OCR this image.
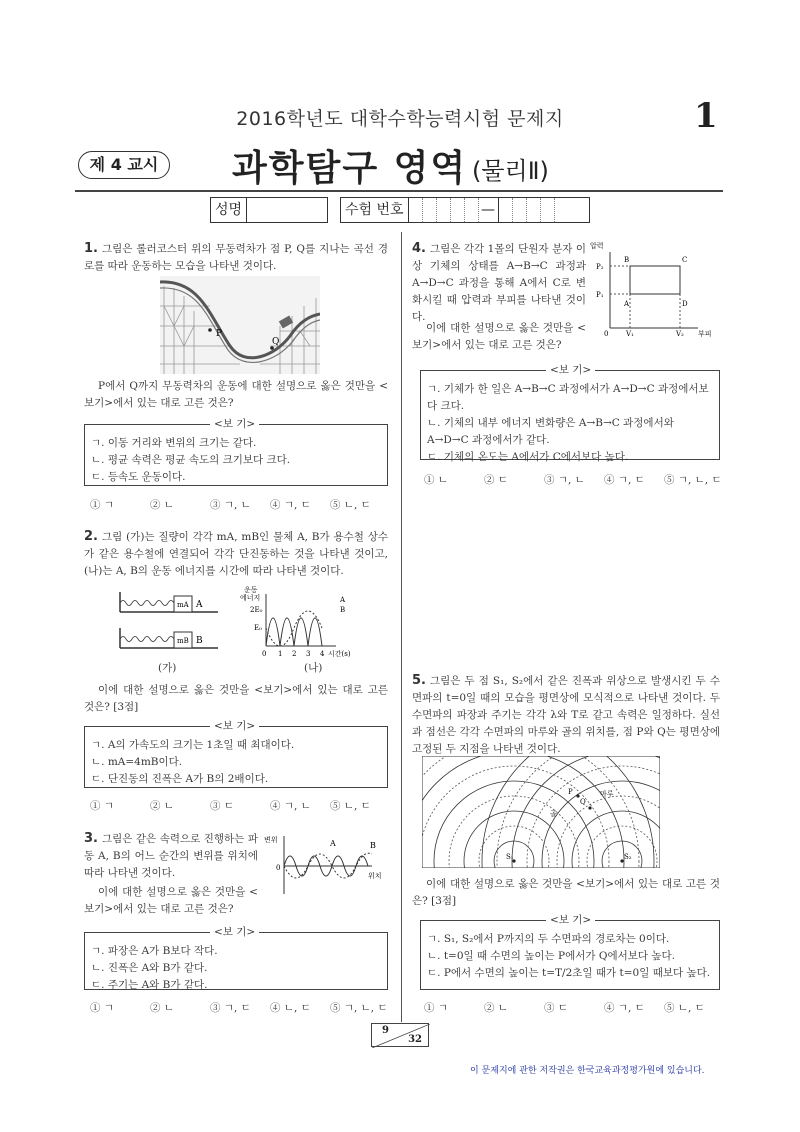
2016학년도 대학수학능력시험 문제지	1
제 4 교시	과학탐구 영역 (물리Ⅱ)
성명	수험 번호	—
1. 그림은 롤러코스터 위의 무동력차가 점 P, Q를 지나는 곡선 경로를 따라 운동하는 모습을 나타낸 것이다.
P
Q
P에서 Q까지 무동력차의 운동에 대한 설명으로 옳은 것만을 <보기>에서 있는 대로 고른 것은?
ㄱ. 이동 거리와 변위의 크기는 같다.
ㄴ. 평균 속력은 평균 속도의 크기보다 크다.
ㄷ. 등속도 운동이다.
<보 기>
① ㄱ	② ㄴ	③ ㄱ, ㄴ	④ ㄱ, ㄷ	⑤ ㄴ, ㄷ
2. 그림 (가)는 질량이 각각 mA, mB인 물체 A, B가 용수철 상수가 같은 용수철에 연결되어 각각 단진동하는 것을 나타낸 것이고, (나)는 A, B의 운동 에너지를 시간에 따라 나타낸 것이다.
mA A
mB B
(가)
운동
에너지
2E₀
E₀
A
B
0 1 2 3 4 시간(s)
(나)
이에 대한 설명으로 옳은 것만을 <보기>에서 있는 대로 고른 것은? [3점]
ㄱ. A의 가속도의 크기는 1초일 때 최대이다.
ㄴ. mA=4mB이다.
ㄷ. 단진동의 진폭은 A가 B의 2배이다.
<보 기>
① ㄱ	② ㄴ	③ ㄷ	④ ㄱ, ㄴ	⑤ ㄴ, ㄷ
3. 그림은 같은 속력으로 진행하는 파동 A, B의 어느 순간의 변위를 위치에 따라 나타낸 것이다.
이에 대한 설명으로 옳은 것만을 <보기>에서 있는 대로 고른 것은?
변위	A	B
0
위치
ㄱ. 파장은 A가 B보다 작다.
ㄴ. 진폭은 A와 B가 같다.
ㄷ. 주기는 A와 B가 같다.
<보 기>
① ㄱ	② ㄴ	③ ㄱ, ㄷ	④ ㄴ, ㄷ	⑤ ㄱ, ㄴ, ㄷ
4. 그림은 각각 1몰의 단원자 분자 이상 기체의 상태를 A→B→C 과정과 A→D→C 과정을 통해 A에서 C로 변화시킬 때 압력과 부피를 나타낸 것이다.
이에 대한 설명으로 옳은 것만을 <보기>에서 있는 대로 고른 것은?
압력
P₂
P₁
B	C
A	D
0	V₁	V₂ 부피
ㄱ. 기체가 한 일은 A→B→C 과정에서가 A→D→C 과정에서보다 크다.
ㄴ. 기체의 내부 에너지 변화량은 A→B→C 과정에서와 A→D→C 과정에서가 같다.
ㄷ. 기체의 온도는 A에서가 C에서보다 높다.
<보 기>
① ㄴ	② ㄷ	③ ㄱ, ㄴ	④ ㄱ, ㄷ	⑤ ㄱ, ㄴ, ㄷ
5. 그림은 두 점 S₁, S₂에서 같은 진폭과 위상으로 발생시킨 두 수면파의 t=0일 때의 모습을 평면상에 모식적으로 나타낸 것이다. 두 수면파의 파장과 주기는 각각 λ와 T로 같고 속력은 일정하다. 실선과 점선은 각각 수면파의 마루와 골의 위치를, 점 P와 Q는 평면상에 고정된 두 지점을 나타낸 것이다.
P
Q
마루
골
S₁	S₂
이에 대한 설명으로 옳은 것만을 <보기>에서 있는 대로 고른 것은? [3점]
ㄱ. S₁, S₂에서 P까지의 두 수면파의 경로차는 0이다.
ㄴ. t=0일 때 수면의 높이는 P에서가 Q에서보다 높다.
ㄷ. P에서 수면의 높이는 t=T/2초일 때가 t=0일 때보다 높다.
<보 기>
① ㄱ	② ㄴ	③ ㄷ	④ ㄱ, ㄷ	⑤ ㄴ, ㄷ
9
32
이 문제지에 관한 저작권은 한국교육과정평가원에 있습니다.
